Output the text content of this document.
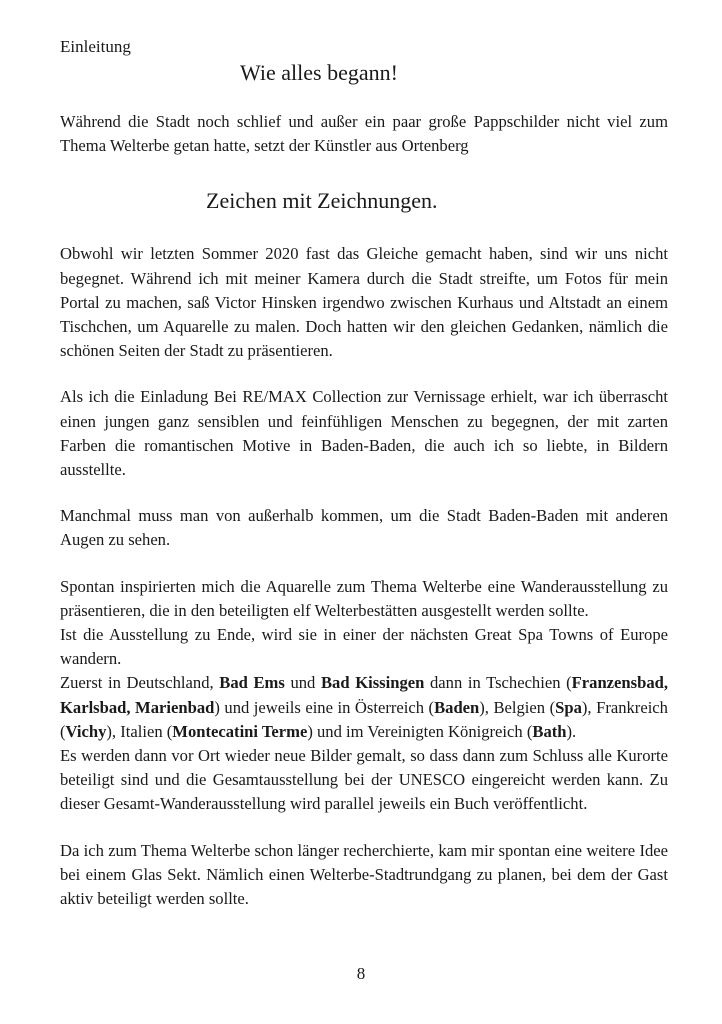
Einleitung
Wie alles begann!

Während die Stadt noch schlief und außer ein paar große Pappschilder nicht viel zum Thema Welterbe getan hatte, setzt der Künstler aus Ortenberg

Zeichen mit Zeichnungen.

Obwohl wir letzten Sommer 2020 fast das Gleiche gemacht haben, sind wir uns nicht begegnet. Während ich mit meiner Kamera durch die Stadt streifte, um Fotos für mein Portal zu machen, saß Victor Hinsken irgendwo zwischen Kurhaus und Altstadt an einem Tischchen, um Aquarelle zu malen. Doch hatten wir den gleichen Gedanken, nämlich die schönen Seiten der Stadt zu präsentieren.

Als ich die Einladung Bei RE/MAX Collection zur Vernissage erhielt, war ich überrascht einen jungen ganz sensiblen und feinfühligen Menschen zu begegnen, der mit zarten Farben die romantischen Motive in Baden-Baden, die auch ich so liebte, in Bildern ausstellte.

Manchmal muss man von außerhalb kommen, um die Stadt Baden-Baden mit anderen Augen zu sehen.

Spontan inspirierten mich die Aquarelle zum Thema Welterbe eine Wanderausstellung zu präsentieren, die in den beteiligten elf Welterbestätten ausgestellt werden sollte.

Ist die Ausstellung zu Ende, wird sie in einer der nächsten Great Spa Towns of Europe wandern.

Zuerst in Deutschland, Bad Ems und Bad Kissingen dann in Tschechien (Franzensbad, Karlsbad, Marienbad) und jeweils eine in Österreich (Baden), Belgien (Spa), Frankreich (Vichy), Italien (Montecatini Terme) und im Vereinigten Königreich (Bath).

Es werden dann vor Ort wieder neue Bilder gemalt, so dass dann zum Schluss alle Kurorte beteiligt sind und die Gesamtausstellung bei der UNESCO eingereicht werden kann. Zu dieser Gesamt-Wanderausstellung wird parallel jeweils ein Buch veröffentlicht.

Da ich zum Thema Welterbe schon länger recherchierte, kam mir spontan eine weitere Idee bei einem Glas Sekt. Nämlich einen Welterbe-Stadtrundgang zu planen, bei dem der Gast aktiv beteiligt werden sollte.

8
